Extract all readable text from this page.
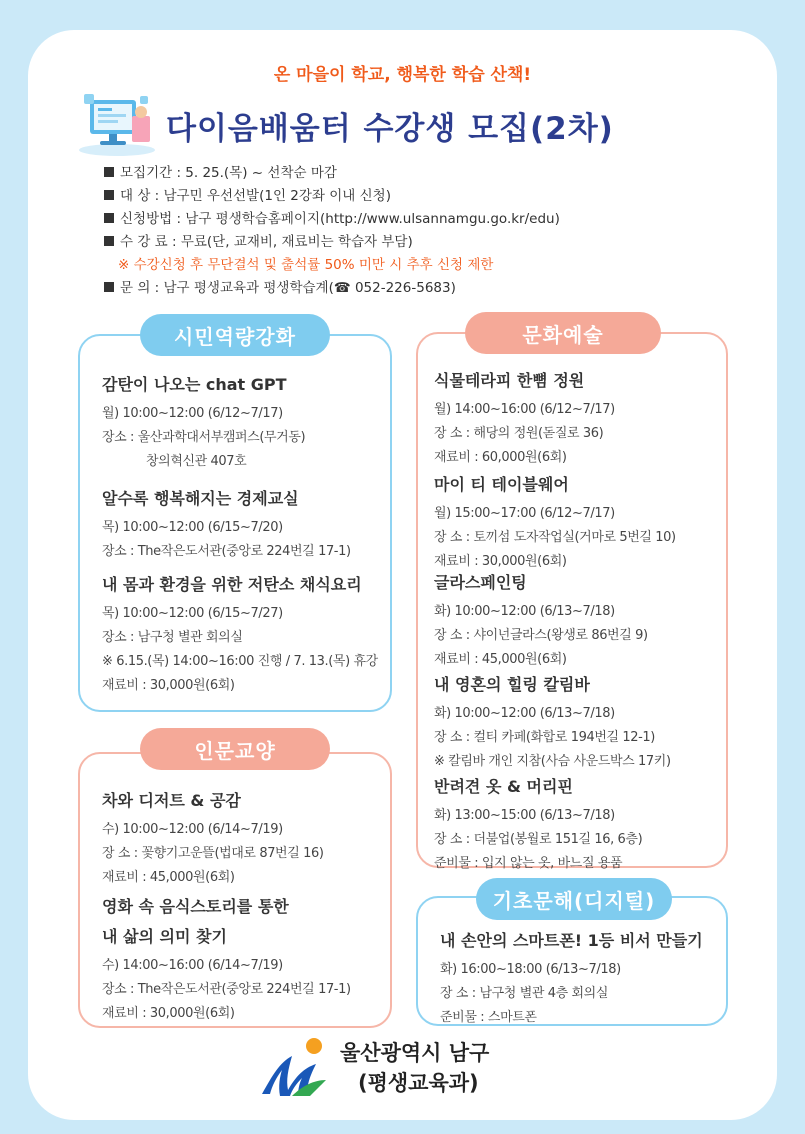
온 마을이 학교, 행복한 학습 산책!
다이음배움터 수강생 모집(2차)
모집기간 : 5. 25.(목) ~ 선착순 마감
대 상 : 남구민 우선선발(1인 2강좌 이내 신청)
신청방법 : 남구 평생학습홈페이지(http://www.ulsannamgu.go.kr/edu)
수 강 료 : 무료(단, 교재비, 재료비는 학습자 부담)
※ 수강신청 후 무단결석 및 출석률 50% 미만 시 추후 신청 제한
문 의 : 남구 평생교육과 평생학습계(☎ 052-226-5683)
시민역량강화
감탄이 나오는 chat GPT
월) 10:00~12:00 (6/12~7/17)
장소 : 울산과학대서부캠퍼스(무거동)
창의혁신관 407호
알수록 행복해지는 경제교실
목) 10:00~12:00 (6/15~7/20)
장소 : The작은도서관(중앙로 224번길 17-1)
내 몸과 환경을 위한 저탄소 채식요리
목) 10:00~12:00 (6/15~7/27)
장소 : 남구청 별관 회의실
※ 6.15.(목) 14:00~16:00 진행 / 7. 13.(목) 휴강
재료비 : 30,000원(6회)
인문교양
차와 디저트 & 공감
수) 10:00~12:00 (6/14~7/19)
장 소 : 꽃향기고운뜰(법대로 87번길 16)
재료비 : 45,000원(6회)
영화 속 음식스토리를 통한
내 삶의 의미 찾기
수) 14:00~16:00 (6/14~7/19)
장소 : The작은도서관(중앙로 224번길 17-1)
재료비 : 30,000원(6회)
문화예술
식물테라피 한뼘 정원
월) 14:00~16:00 (6/12~7/17)
장 소 : 해당의 정원(돋질로 36)
재료비 : 60,000원(6회)
마이 티 테이블웨어
월) 15:00~17:00 (6/12~7/17)
장 소 : 토끼섬 도자작업실(거마로 5번길 10)
재료비 : 30,000원(6회)
글라스페인팅
화) 10:00~12:00 (6/13~7/18)
장 소 : 샤이넌글라스(왕생로 86번길 9)
재료비 : 45,000원(6회)
내 영혼의 힐링 칼림바
화) 10:00~12:00 (6/13~7/18)
장 소 : 컬티 카페(화합로 194번길 12-1)
※ 칼림바 개인 지참(사슴 사운드박스 17키)
반려견 옷 & 머리핀
화) 13:00~15:00 (6/13~7/18)
장 소 : 더불업(봉월로 151길 16, 6층)
준비물 : 입지 않는 옷, 바느질 용품
기초문해(디지털)
내 손안의 스마트폰! 1등 비서 만들기
화) 16:00~18:00 (6/13~7/18)
장 소 : 남구청 별관 4층 회의실
준비물 : 스마트폰
울산광역시 남구
(평생교육과)
